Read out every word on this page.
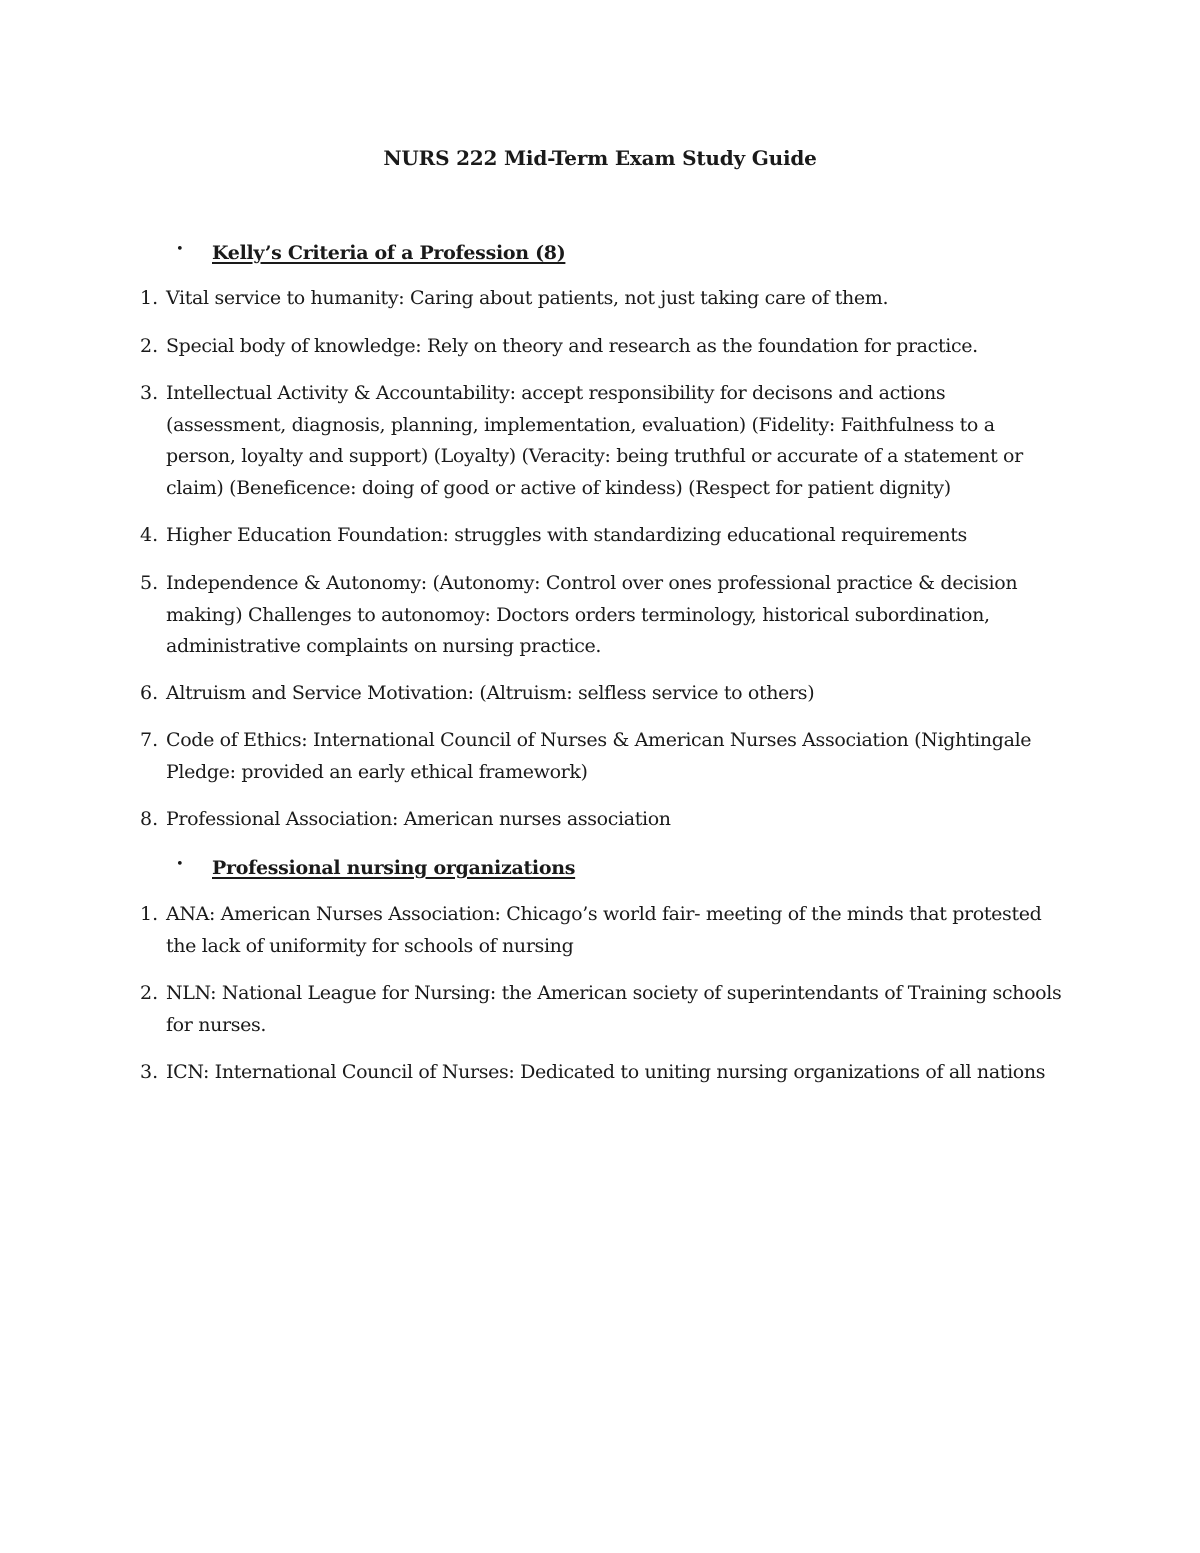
NURS 222 Mid-Term Exam Study Guide
• Kelly’s Criteria of a Profession (8)
1. Vital service to humanity: Caring about patients, not just taking care of them.
2. Special body of knowledge: Rely on theory and research as the foundation for practice.
3. Intellectual Activity & Accountability: accept responsibility for decisons and actions (assessment, diagnosis, planning, implementation, evaluation) (Fidelity: Faithfulness to a person, loyalty and support) (Loyalty) (Veracity: being truthful or accurate of a statement or claim) (Beneficence: doing of good or active of kindess) (Respect for patient dignity)
4. Higher Education Foundation: struggles with standardizing educational requirements
5. Independence & Autonomy: (Autonomy: Control over ones professional practice & decision making) Challenges to autonomoy: Doctors orders terminology, historical subordination, administrative complaints on nursing practice.
6. Altruism and Service Motivation: (Altruism: selfless service to others)
7. Code of Ethics: International Council of Nurses & American Nurses Association (Nightingale Pledge: provided an early ethical framework)
8. Professional Association: American nurses association
• Professional nursing organizations
1. ANA: American Nurses Association: Chicago’s world fair- meeting of the minds that protested the lack of uniformity for schools of nursing
2. NLN: National League for Nursing: the American society of superintendants of Training schools for nurses.
3. ICN: International Council of Nurses: Dedicated to uniting nursing organizations of all nations
